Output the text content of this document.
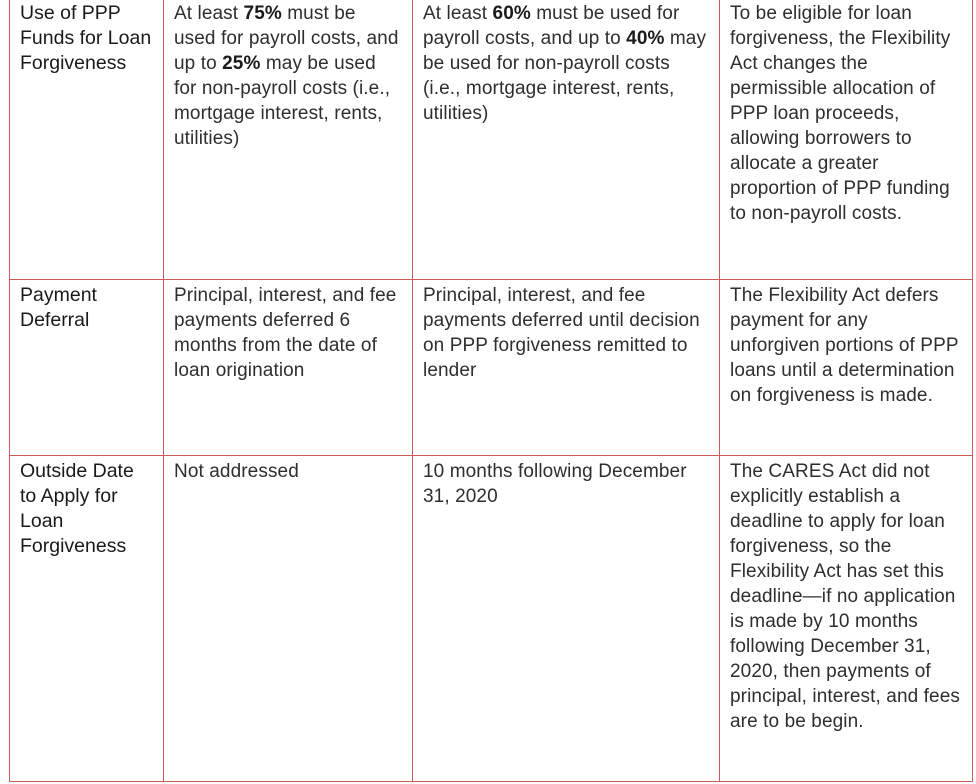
Use of PPP Funds for Loan Forgiveness	At least 75% must be used for payroll costs, and up to 25% may be used for non-payroll costs (i.e., mortgage interest, rents, utilities)	At least 60% must be used for payroll costs, and up to 40% may be used for non-payroll costs (i.e., mortgage interest, rents, utilities)	To be eligible for loan forgiveness, the Flexibility Act changes the permissible allocation of PPP loan proceeds, allowing borrowers to allocate a greater proportion of PPP funding to non-payroll costs.
Payment Deferral	Principal, interest, and fee payments deferred 6 months from the date of loan origination	Principal, interest, and fee payments deferred until decision on PPP forgiveness remitted to lender	The Flexibility Act defers payment for any unforgiven portions of PPP loans until a determination on forgiveness is made.
Outside Date to Apply for Loan Forgiveness	Not addressed	10 months following December 31, 2020	The CARES Act did not explicitly establish a deadline to apply for loan forgiveness, so the Flexibility Act has set this deadline—if no application is made by 10 months following December 31, 2020, then payments of principal, interest, and fees are to be begin.
